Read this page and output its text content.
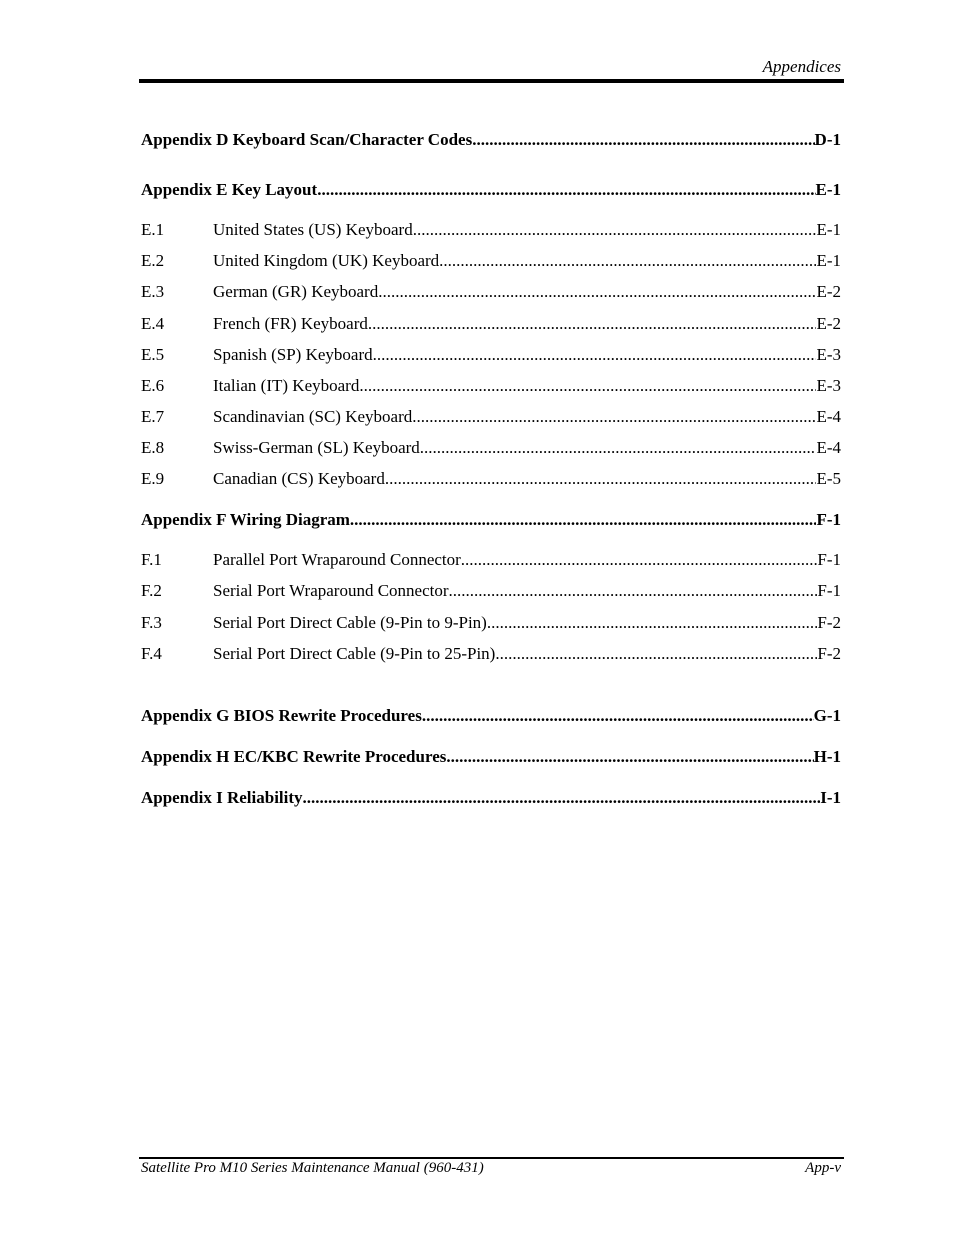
Appendices
Appendix D Keyboard Scan/Character Codes .....	D-1
Appendix E Key Layout .....	E-1
E.1	United States (US) Keyboard .....	E-1
E.2	United Kingdom (UK) Keyboard .....	E-1
E.3	German (GR) Keyboard .....	E-2
E.4	French (FR) Keyboard .....	E-2
E.5	Spanish (SP) Keyboard .....	E-3
E.6	Italian (IT) Keyboard .....	E-3
E.7	Scandinavian (SC) Keyboard .....	E-4
E.8	Swiss-German (SL) Keyboard .....	E-4
E.9	Canadian (CS) Keyboard .....	E-5
Appendix F Wiring Diagram .....	F-1
F.1	Parallel Port Wraparound Connector .....	F-1
F.2	Serial Port Wraparound Connector .....	F-1
F.3	Serial Port Direct Cable (9-Pin to 9-Pin) .....	F-2
F.4	Serial Port Direct Cable (9-Pin to 25-Pin) .....	F-2
Appendix G BIOS Rewrite Procedures .....	G-1
Appendix H EC/KBC Rewrite Procedures .....	H-1
Appendix I Reliability .....	I-1
Satellite Pro M10 Series Maintenance Manual (960-431)	App-v
